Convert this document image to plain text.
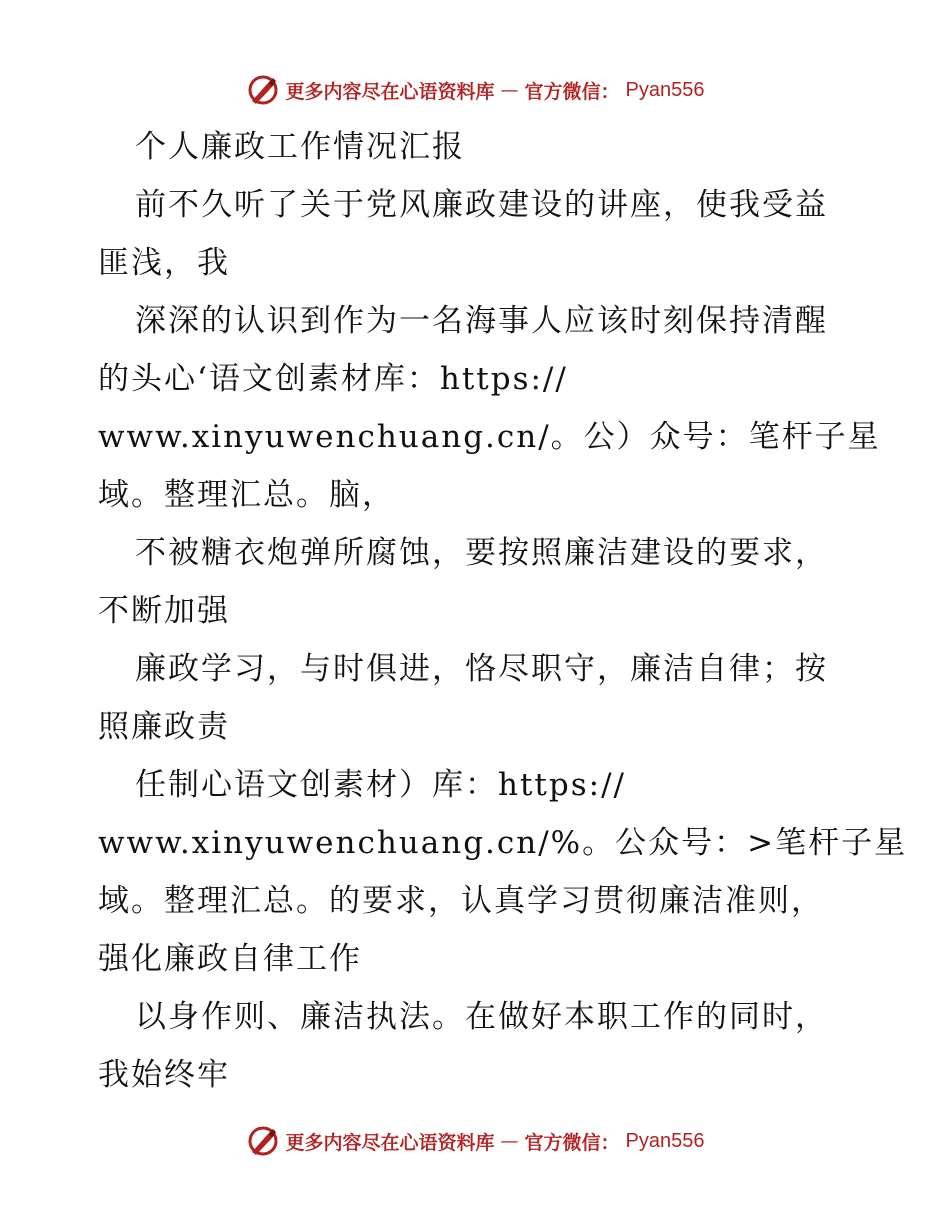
更多内容尽在心语资料库 — 官方微信： Pyan556
个人廉政工作情况汇报
前不久听了关于党风廉政建设的讲座，使我受益
匪浅，我
深深的认识到作为一名海事人应该时刻保持清醒
的头心‘语文创素材库：https://
www.xinyuwenchuang.cn/。公）众号：笔杆子星
域。整理汇总。脑，
不被糖衣炮弹所腐蚀，要按照廉洁建设的要求，
不断加强
廉政学习，与时俱进，恪尽职守，廉洁自律；按
照廉政责
任制心语文创素材）库：https://
www.xinyuwenchuang.cn/%。公众号：>笔杆子星
域。整理汇总。的要求，认真学习贯彻廉洁准则，
强化廉政自律工作
以身作则、廉洁执法。在做好本职工作的同时，
我始终牢
更多内容尽在心语资料库 — 官方微信： Pyan556
